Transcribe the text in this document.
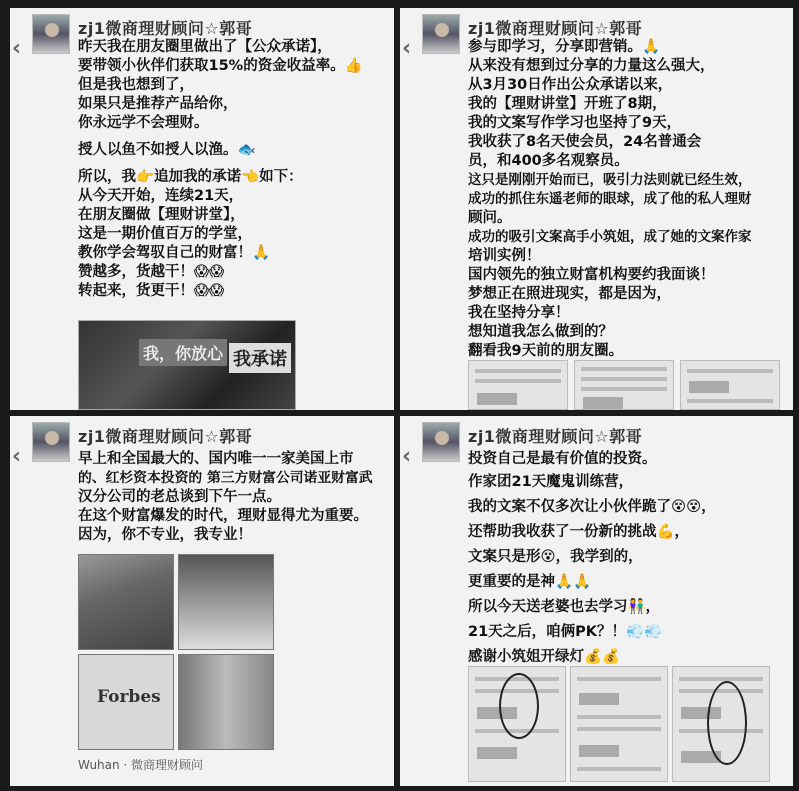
‹
zj1微商理财顾问☆郭哥
昨天我在朋友圈里做出了【公众承诺】，
要带领小伙伴们获取15%的资金收益率。👍
但是我也想到了，
如果只是推荐产品给你，
你永远学不会理财。
授人以鱼不如授人以渔。🐟
所以，我👉追加我的承诺👈如下：
从今天开始，连续21天，
在朋友圈做【理财讲堂】，
这是一期价值百万的学堂，
教你学会驾驭自己的财富！🙏
赞越多，货越干！😱😱
转起来，货更干！😱😱
我，你放心 我承诺
‹
zj1微商理财顾问☆郭哥
参与即学习，分享即营销。🙏
从来没有想到过分享的力量这么强大，
从3月30日作出公众承诺以来，
我的【理财讲堂】开班了8期，
我的文案写作学习也坚持了9天，
我收获了8名天使会员，24名普通会
员，和400多名观察员。
这只是刚刚开始而已，吸引力法则就已经生效，
成功的抓住东遥老师的眼球，成了他的私人理财
顾问。
成功的吸引文案高手小筑姐，成了她的文案作家
培训实例！
国内领先的独立财富机构要约我面谈！
梦想正在照进现实，都是因为，
我在坚持分享！
想知道我怎么做到的？
翻看我9天前的朋友圈。
‹
zj1微商理财顾问☆郭哥
早上和全国最大的、国内唯一一家美国上市
的、红杉资本投资的 第三方财富公司诺亚财富武
汉分公司的老总谈到下午一点。
在这个财富爆发的时代，理财显得尤为重要。
因为，你不专业，我专业！
Forbes
Wuhan · 微商理财顾问
‹
zj1微商理财顾问☆郭哥
投资自己是最有价值的投资。
作家团21天魔鬼训练营，
我的文案不仅多次让小伙伴跪了😵😵，
还帮助我收获了一份新的挑战💪，
文案只是形😵，我学到的，
更重要的是神🙏🙏
所以今天送老婆也去学习👫，
21天之后，咱俩PK？！💨💨
感谢小筑姐开绿灯💰💰
